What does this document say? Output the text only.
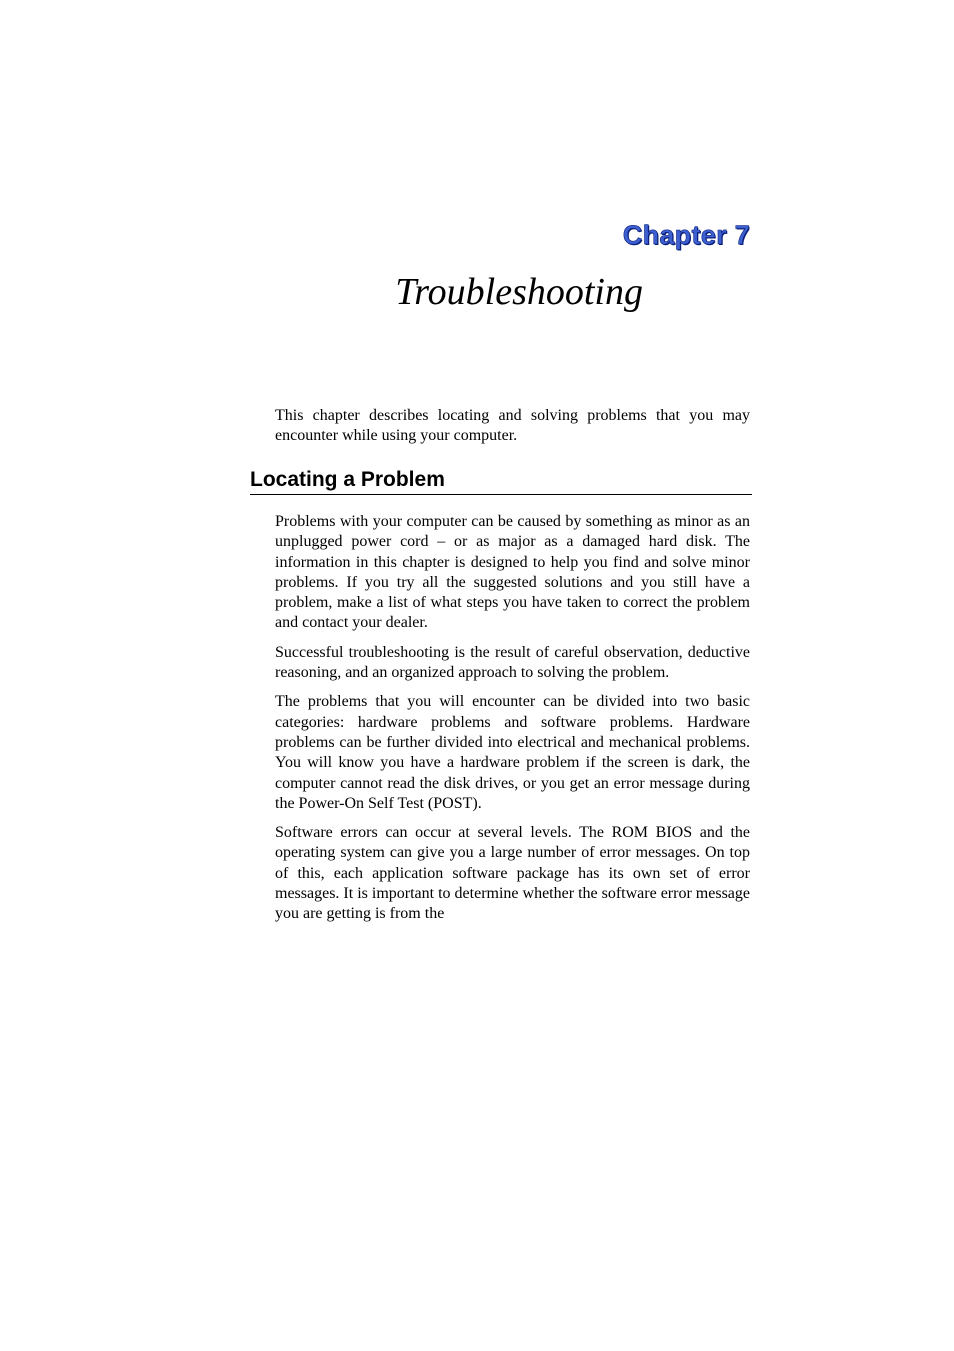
Chapter 7
Troubleshooting

This chapter describes locating and solving problems that you may encounter while using your computer.

Locating a Problem

Problems with your computer can be caused by something as minor as an unplugged power cord – or as major as a damaged hard disk. The information in this chapter is designed to help you find and solve minor problems. If you try all the suggested solutions and you still have a problem, make a list of what steps you have taken to correct the problem and contact your dealer.

Successful troubleshooting is the result of careful observation, deductive reasoning, and an organized approach to solving the problem.

The problems that you will encounter can be divided into two basic categories: hardware problems and software problems. Hardware problems can be further divided into electrical and mechanical problems. You will know you have a hardware problem if the screen is dark, the computer cannot read the disk drives, or you get an error message during the Power-On Self Test (POST).

Software errors can occur at several levels. The ROM BIOS and the operating system can give you a large number of error messages. On top of this, each application software package has its own set of error messages. It is important to determine whether the software error message you are getting is from the
